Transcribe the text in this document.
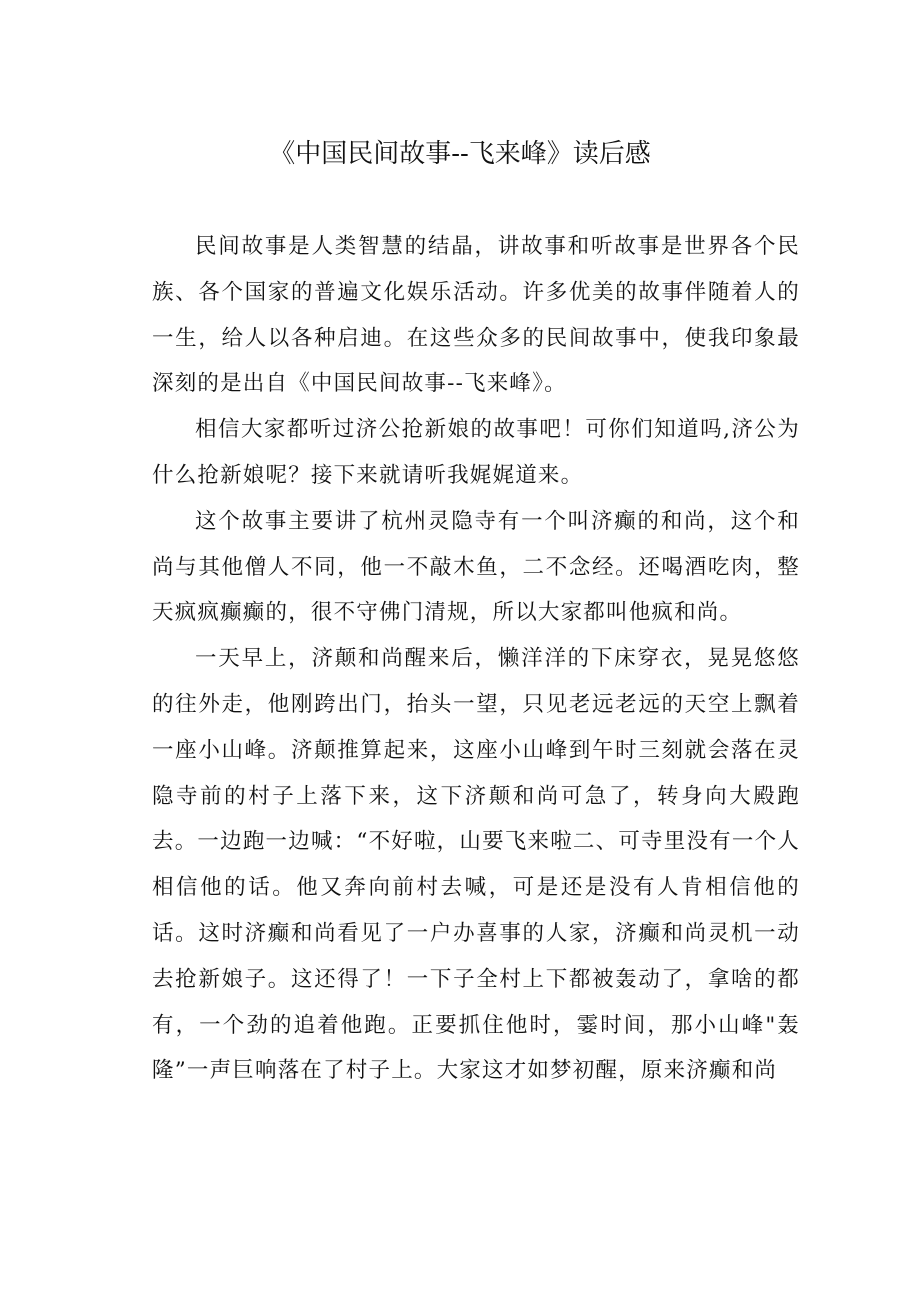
《中国民间故事--飞来峰》读后感

民间故事是人类智慧的结晶，讲故事和听故事是世界各个民族、各个国家的普遍文化娱乐活动。许多优美的故事伴随着人的一生，给人以各种启迪。在这些众多的民间故事中，使我印象最深刻的是出自《中国民间故事--飞来峰》。

相信大家都听过济公抢新娘的故事吧！可你们知道吗,济公为什么抢新娘呢？接下来就请听我娓娓道来。

这个故事主要讲了杭州灵隐寺有一个叫济癫的和尚，这个和尚与其他僧人不同，他一不敲木鱼，二不念经。还喝酒吃肉，整天疯疯癫癫的，很不守佛门清规，所以大家都叫他疯和尚。

一天早上，济颠和尚醒来后，懒洋洋的下床穿衣，晃晃悠悠的往外走，他刚跨出门，抬头一望，只见老远老远的天空上飘着一座小山峰。济颠推算起来，这座小山峰到午时三刻就会落在灵隐寺前的村子上落下来，这下济颠和尚可急了，转身向大殿跑去。一边跑一边喊：“不好啦，山要飞来啦二、可寺里没有一个人相信他的话。他又奔向前村去喊，可是还是没有人肯相信他的话。这时济癫和尚看见了一户办喜事的人家，济癫和尚灵机一动去抢新娘子。这还得了！一下子全村上下都被轰动了，拿啥的都有，一个劲的追着他跑。正要抓住他时，霎时间，那小山峰"轰隆”一声巨响落在了村子上。大家这才如梦初醒，原来济癫和尚
